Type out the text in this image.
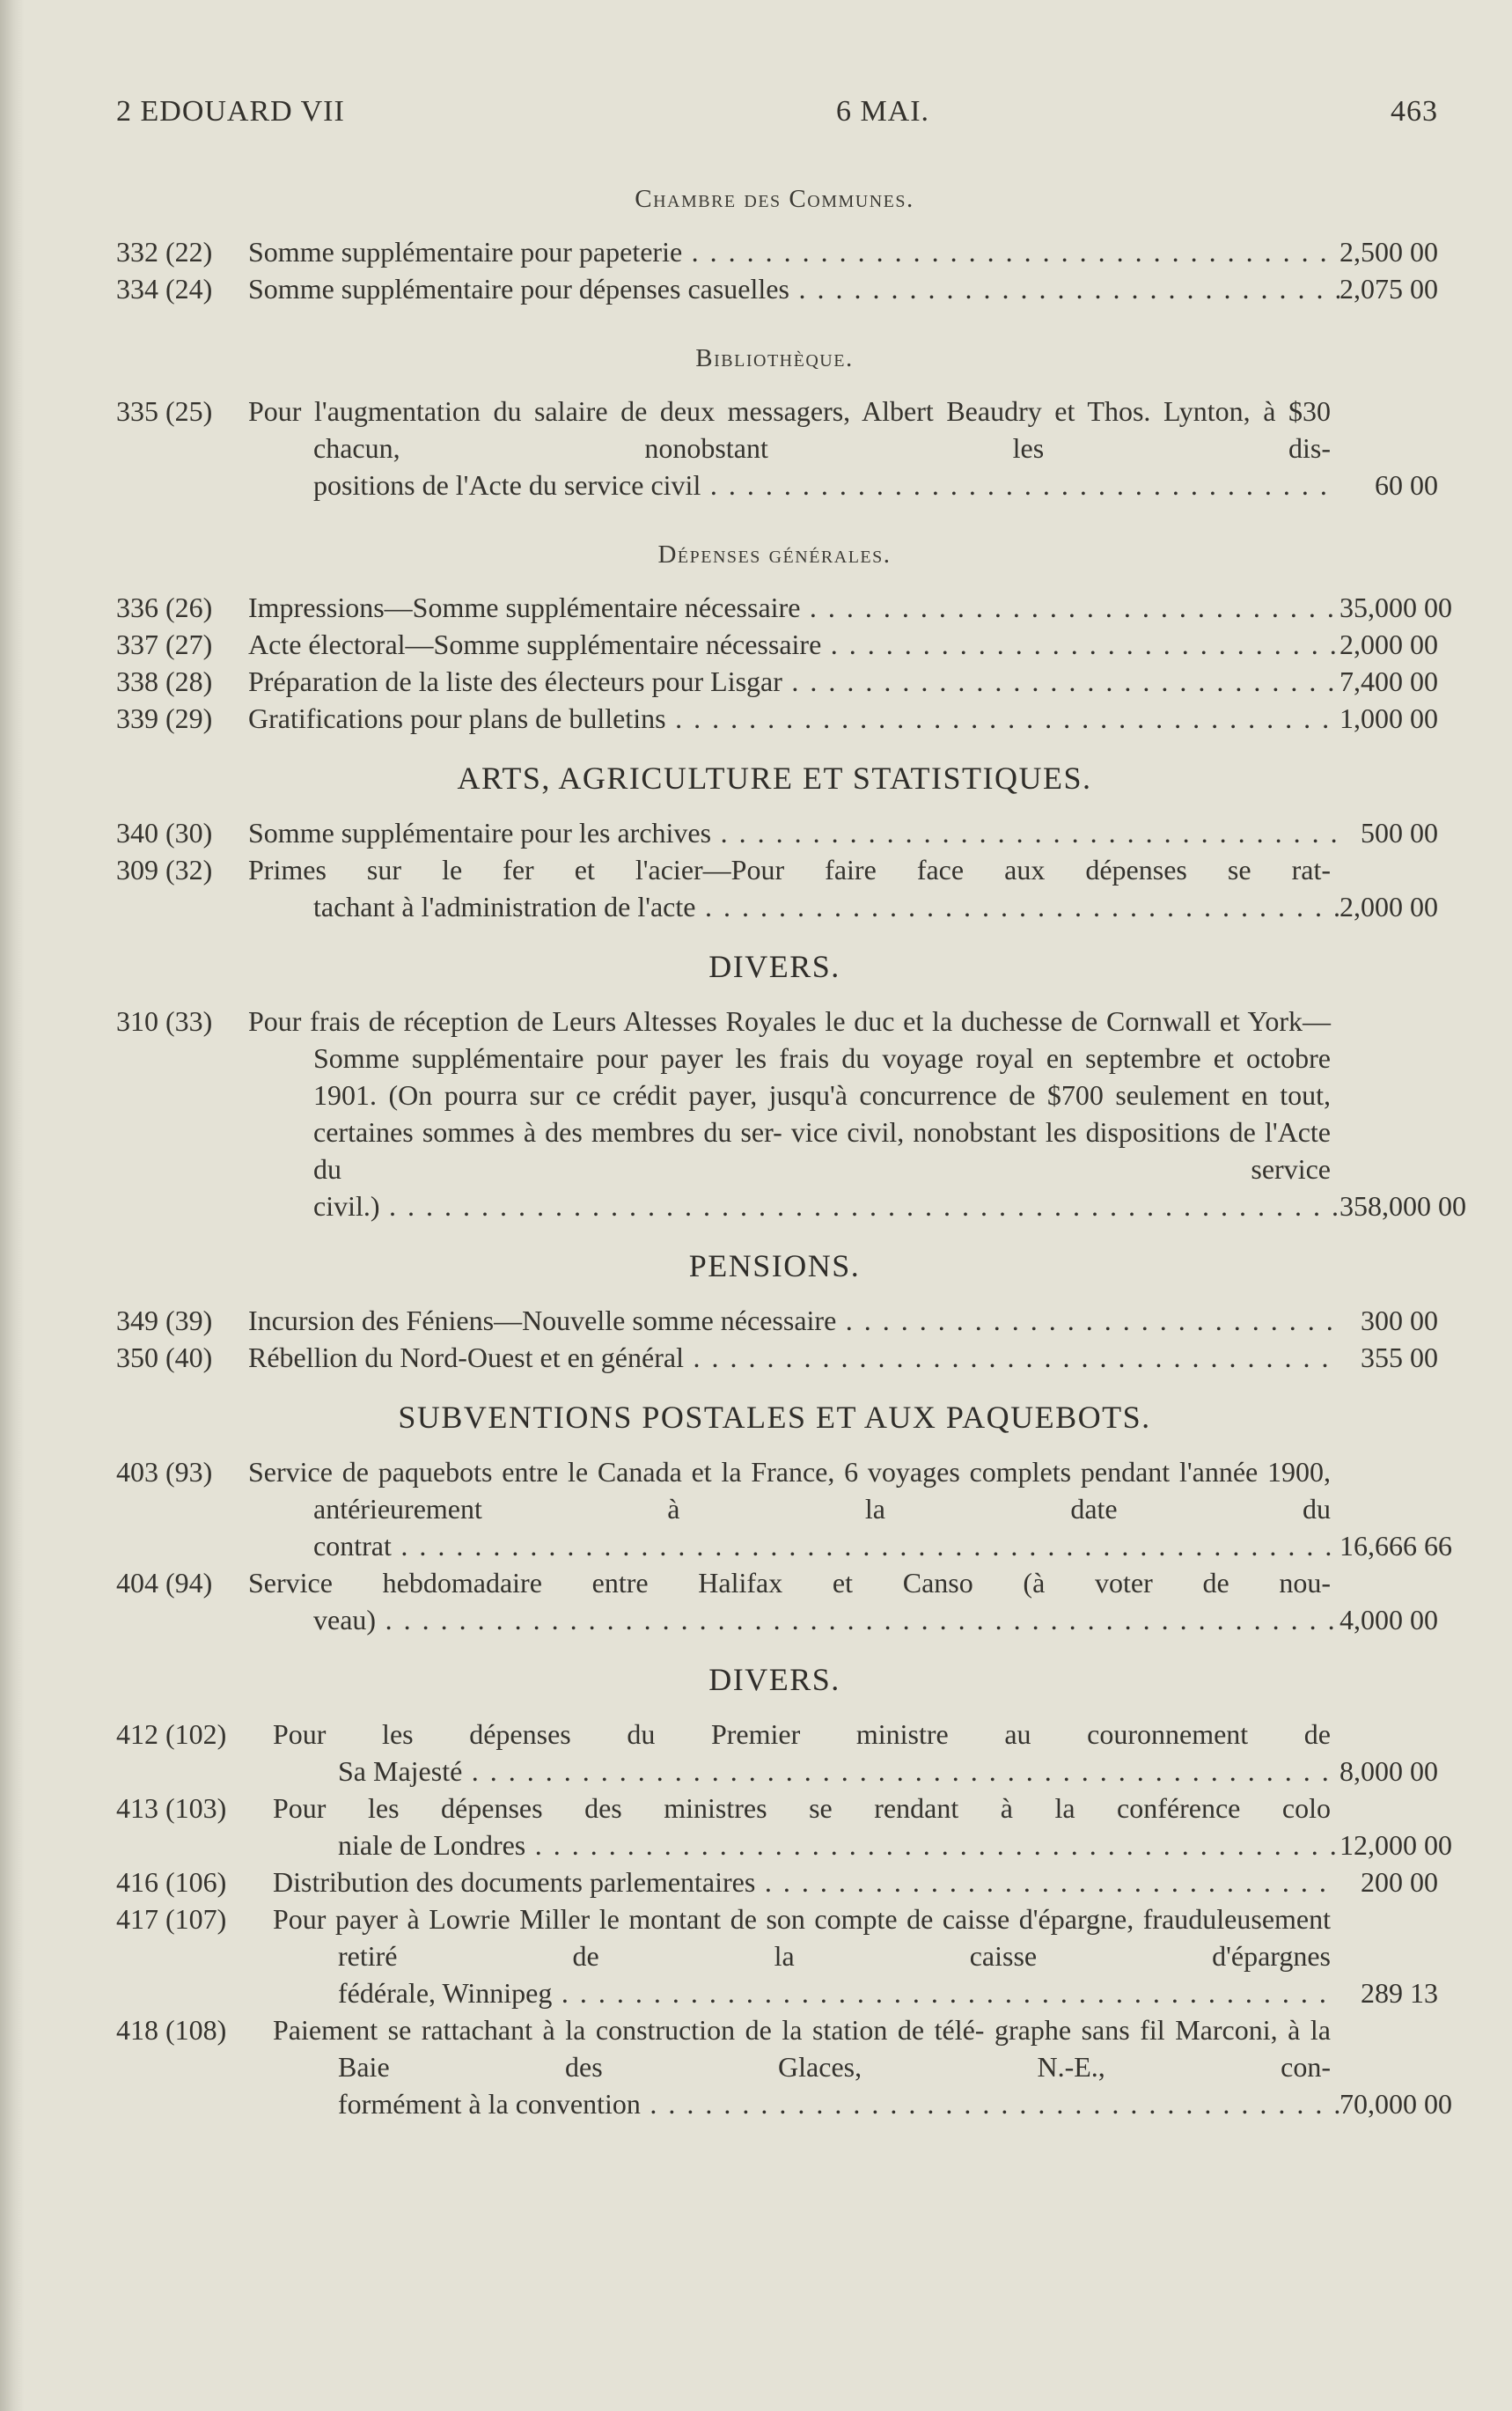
2 EDOUARD VII	6 MAI.	463
Chambre des Communes.
332 (22)	Somme supplémentaire pour papeterie . . .	2,500 00
334 (24)	Somme supplémentaire pour dépenses casuelles . . .	2,075 00
Bibliothèque.
335 (25)	Pour l'augmentation du salaire de deux messagers, Albert Beaudry et Thos. Lynton, à $30 chacun, nonobstant les dis-
positions de l'Acte du service civil . . .	60 00
Dépenses générales.
336 (26)	Impressions—Somme supplémentaire nécessaire . . .	35,000 00
337 (27)	Acte électoral—Somme supplémentaire nécessaire . . .	2,000 00
338 (28)	Préparation de la liste des électeurs pour Lisgar . . .	7,400 00
339 (29)	Gratifications pour plans de bulletins . . .	1,000 00
ARTS, AGRICULTURE ET STATISTIQUES.
340 (30)	Somme supplémentaire pour les archives . . .	500 00
309 (32)	Primes sur le fer et l'acier—Pour faire face aux dépenses se rat-
tachant à l'administration de l'acte . . .	2,000 00
DIVERS.
310 (33)	Pour frais de réception de Leurs Altesses Royales le duc et la duchesse de Cornwall et York—Somme supplémentaire pour payer les frais du voyage royal en septembre et octobre 1901. (On pourra sur ce crédit payer, jusqu'à concurrence de $700 seulement en tout, certaines sommes à des membres du ser- vice civil, nonobstant les dispositions de l'Acte du service
civil.) . . .	358,000 00
PENSIONS.
349 (39)	Incursion des Féniens—Nouvelle somme nécessaire . . .	300 00
350 (40)	Rébellion du Nord-Ouest et en général . . .	355 00
SUBVENTIONS POSTALES ET AUX PAQUEBOTS.
403 (93)	Service de paquebots entre le Canada et la France, 6 voyages complets pendant l'année 1900, antérieurement à la date du
contrat . . .	16,666 66
404 (94)	Service hebdomadaire entre Halifax et Canso (à voter de nou-
veau) . . .	4,000 00
DIVERS.
412 (102)	Pour les dépenses du Premier ministre au couronnement de
Sa Majesté . . .	8,000 00
413 (103)	Pour les dépenses des ministres se rendant à la conférence colo
niale de Londres . . .	12,000 00
416 (106)	Distribution des documents parlementaires . . .	200 00
417 (107)	Pour payer à Lowrie Miller le montant de son compte de caisse d'épargne, frauduleusement retiré de la caisse d'épargnes
fédérale, Winnipeg . . .	289 13
418 (108)	Paiement se rattachant à la construction de la station de télé- graphe sans fil Marconi, à la Baie des Glaces, N.-E., con-
formément à la convention . . .	70,000 00
